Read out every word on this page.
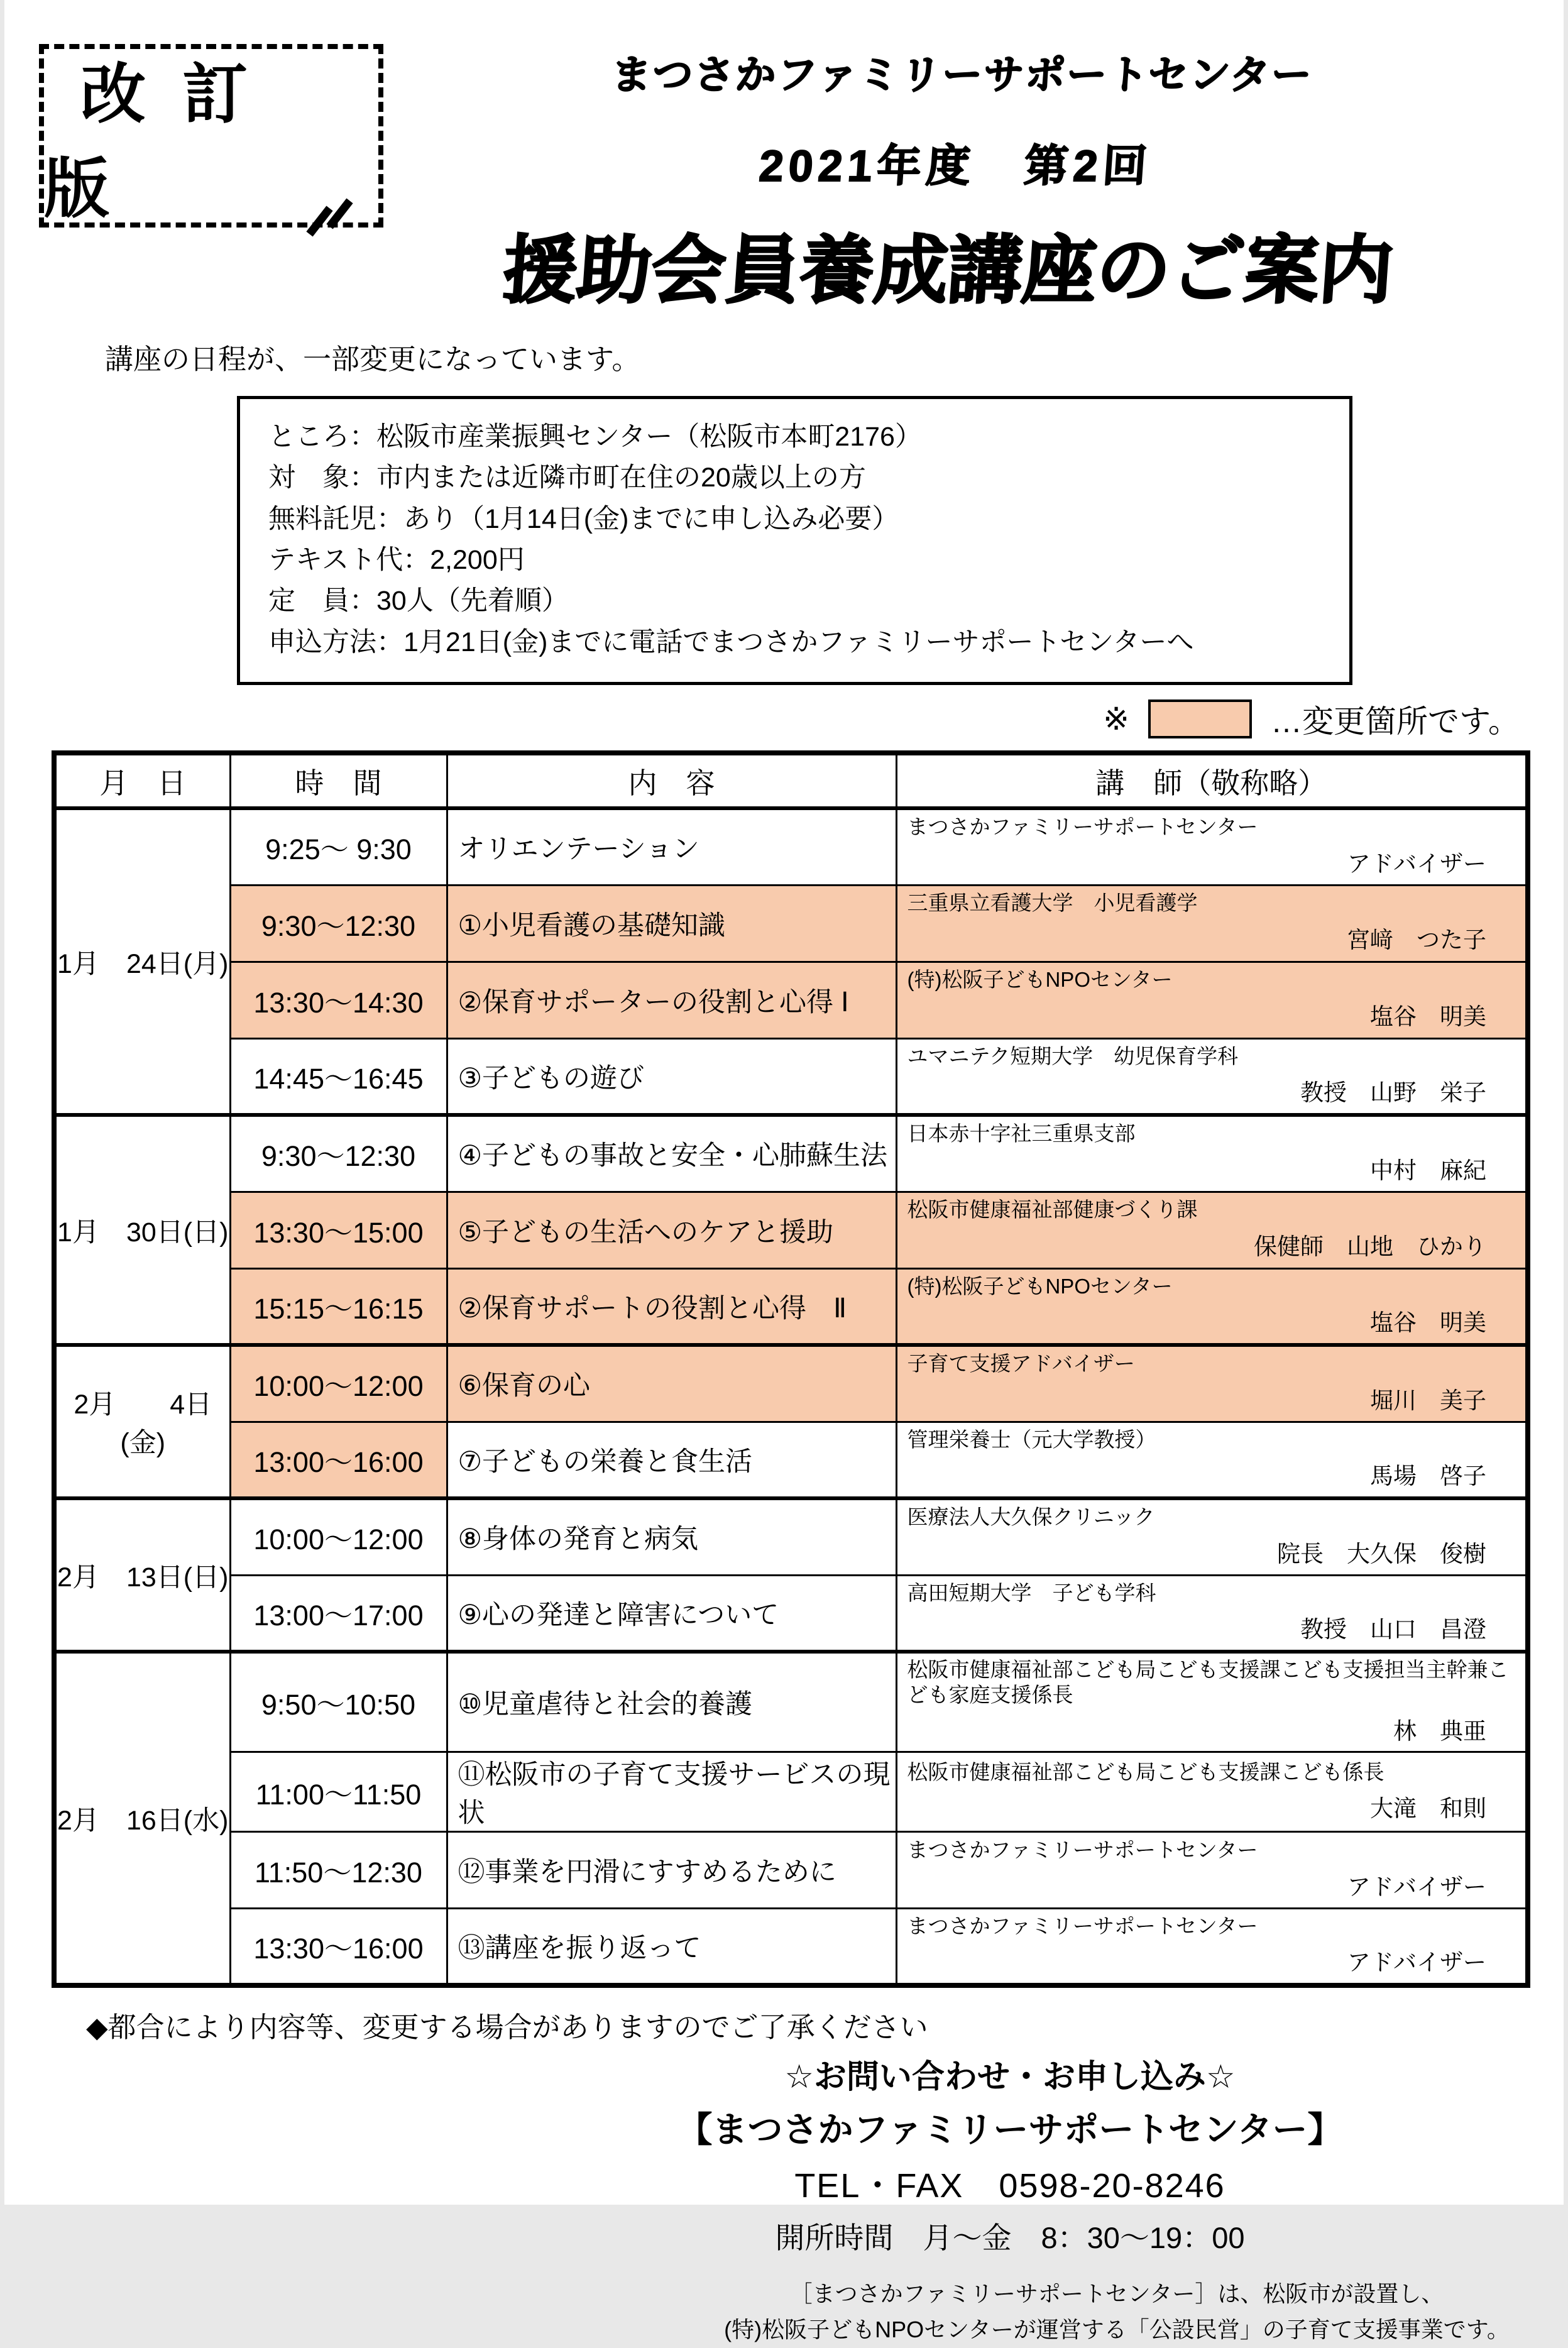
改訂版
まつさかファミリーサポートセンター
2021年度　第2回
援助会員養成講座のご案内
講座の日程が、一部変更になっています。
ところ：松阪市産業振興センター（松阪市本町2176）
対　象：市内または近隣市町在住の20歳以上の方
無料託児：あり（1月14日(金)までに申し込み必要）
テキスト代：2,200円
定　員：30人（先着順）
申込方法：1月21日(金)までに電話でまつさかファミリーサポートセンターへ
※	…変更箇所です。
月　日	時　間	内　容	講　師（敬称略）
1月　24日(月)	9:25～ 9:30	オリエンテーション	まつさかファミリーサポートセンター
アドバイザー

	9:30～12:30	①小児看護の基礎知識	三重県立看護大学　小児看護学
宮﨑　つた子

	13:30～14:30	②保育サポーターの役割と心得 Ⅰ	(特)松阪子どもNPOセンター
塩谷　明美

	14:45～16:45	③子どもの遊び	ユマニテク短期大学　幼児保育学科
教授　山野　栄子

1月　30日(日)	9:30～12:30	④子どもの事故と安全・心肺蘇生法	日本赤十字社三重県支部
中村　麻紀

	13:30～15:00	⑤子どもの生活へのケアと援助	松阪市健康福祉部健康づくり課
保健師　山地　ひかり

	15:15～16:15	②保育サポートの役割と心得　Ⅱ	(特)松阪子どもNPOセンター
塩谷　明美

2月　　4日(金)	10:00～12:00	⑥保育の心	子育て支援アドバイザー
堀川　美子

	13:00～16:00	⑦子どもの栄養と食生活	管理栄養士（元大学教授）
馬場　啓子

2月　13日(日)	10:00～12:00	⑧身体の発育と病気	医療法人大久保クリニック
院長　大久保　俊樹

	13:00～17:00	⑨心の発達と障害について	高田短期大学　子ども学科
教授　山口　昌澄

2月　16日(水)	9:50～10:50	⑩児童虐待と社会的養護	松阪市健康福祉部こども局こども支援課こども支援担当主幹兼こども家庭支援係長
林　典亜

	11:00～11:50	⑪松阪市の子育て支援サービスの現状	松阪市健康福祉部こども局こども支援課こども係長
大滝　和則

	11:50～12:30	⑫事業を円滑にすすめるために	まつさかファミリーサポートセンター
アドバイザー

	13:30～16:00	⑬講座を振り返って	まつさかファミリーサポートセンター
アドバイザー
◆都合により内容等、変更する場合がありますのでご了承ください
☆お問い合わせ・お申し込み☆
【まつさかファミリーサポートセンター】
TEL・FAX　0598-20-8246
開所時間　月～金　8：30～19：00
［まつさかファミリーサポートセンター］は、松阪市が設置し、
(特)松阪子どもNPOセンターが運営する「公設民営」の子育て支援事業です。
